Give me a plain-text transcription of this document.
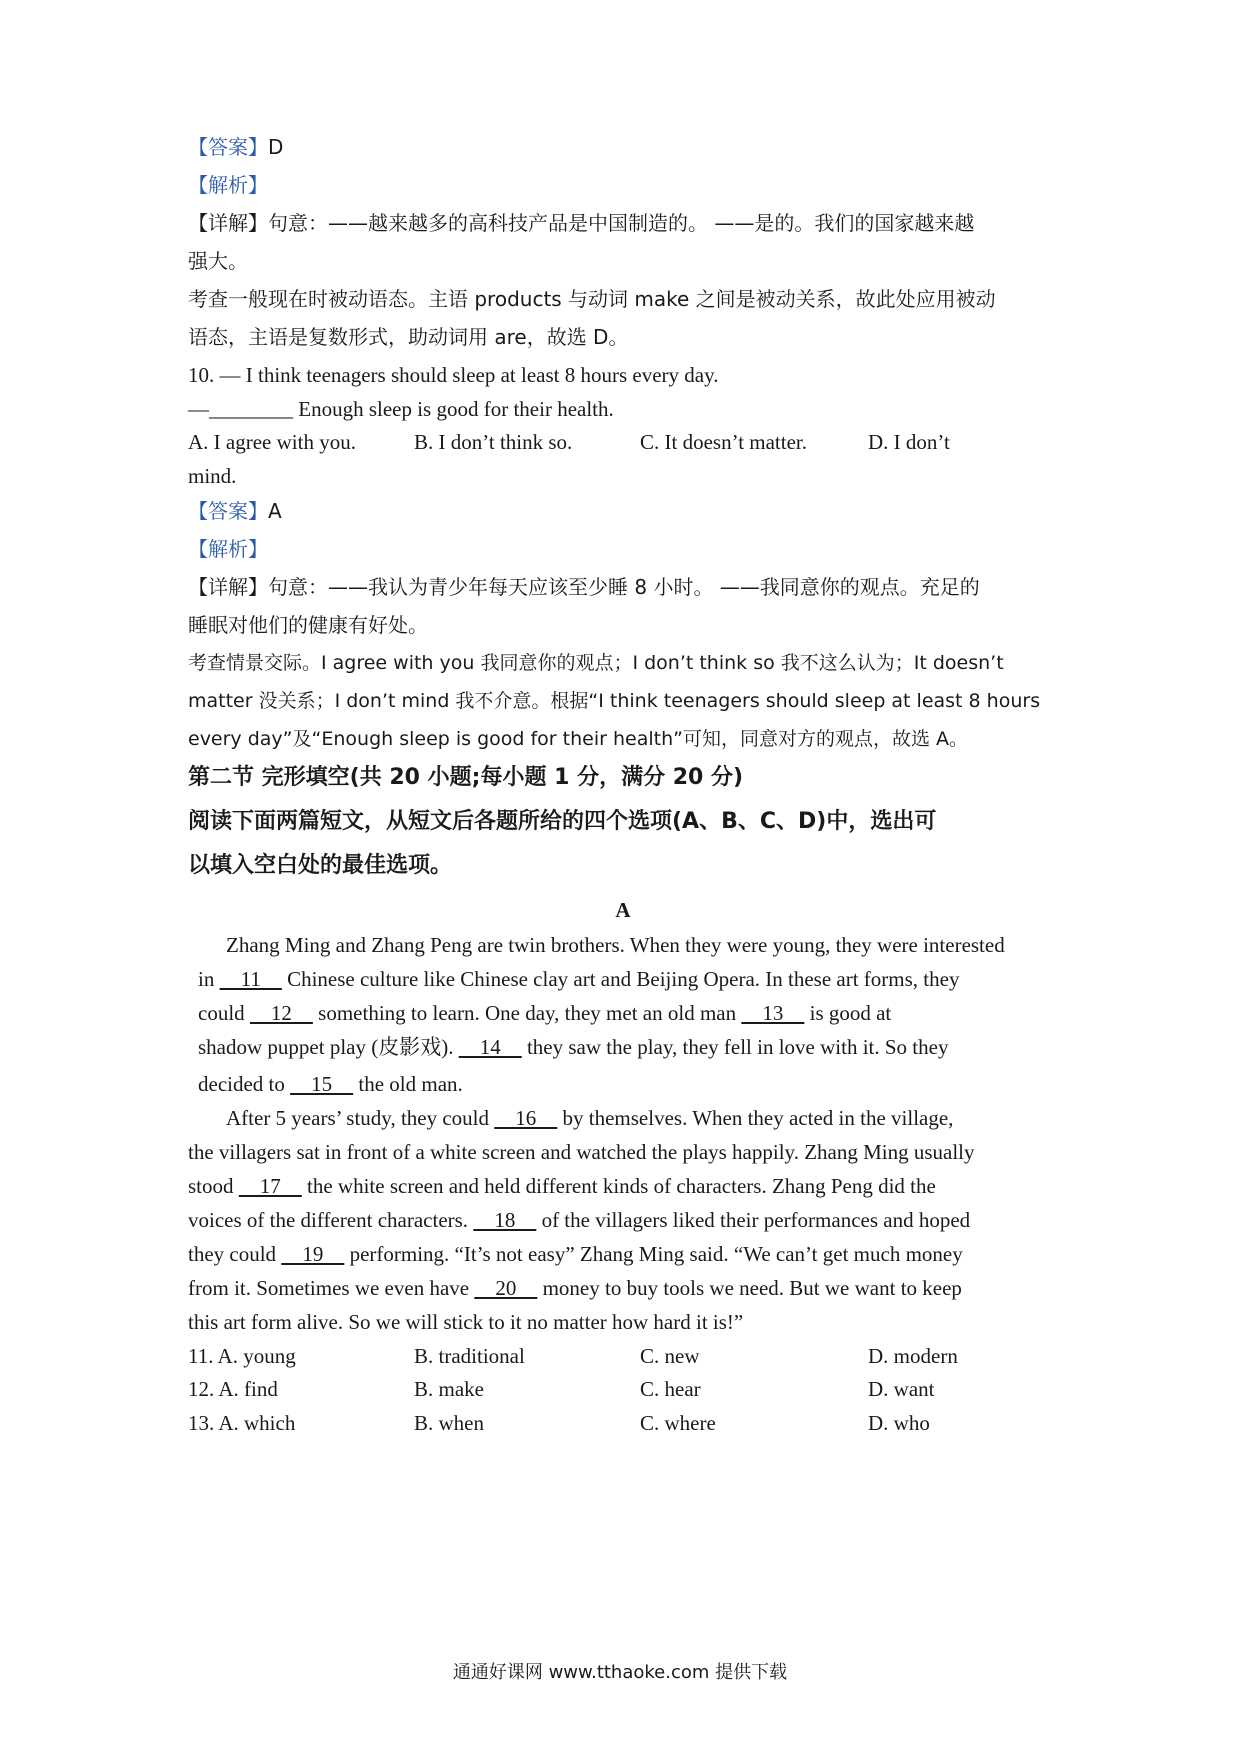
【答案】D
【解析】
【详解】句意：——越来越多的高科技产品是中国制造的。 ——是的。我们的国家越来越
强大。
考查一般现在时被动语态。主语 products 与动词 make 之间是被动关系，故此处应用被动
语态，主语是复数形式，助动词用 are，故选 D。
10. — I think teenagers should sleep at least 8 hours every day.
—________ Enough sleep is good for their health.
A. I agree with you.	B. I don’t think so.	C. It doesn’t matter.	D. I don’t
mind.
【答案】A
【解析】
【详解】句意：——我认为青少年每天应该至少睡 8 小时。 ——我同意你的观点。充足的
睡眠对他们的健康有好处。
考查情景交际。I agree with you 我同意你的观点；I don’t think so 我不这么认为；It doesn’t
matter 没关系；I don’t mind 我不介意。根据“I think teenagers should sleep at least 8 hours
every day”及“Enough sleep is good for their health”可知，同意对方的观点，故选 A。
第二节 完形填空(共 20 小题;每小题 1 分，满分 20 分)
阅读下面两篇短文，从短文后各题所给的四个选项(A、B、C、D)中，选出可
以填入空白处的最佳选项。
A
Zhang Ming and Zhang Peng are twin brothers. When they were young, they were interested
in     11     Chinese culture like Chinese clay art and Beijing Opera. In these art forms, they
could     12     something to learn. One day, they met an old man     13     is good at
shadow puppet play (皮影戏).     14     they saw the play, they fell in love with it. So they
decided to     15     the old man.
After 5 years’ study, they could     16     by themselves. When they acted in the village,
the villagers sat in front of a white screen and watched the plays happily. Zhang Ming usually
stood     17     the white screen and held different kinds of characters. Zhang Peng did the
voices of the different characters.     18     of the villagers liked their performances and hoped
they could     19     performing. “It’s not easy” Zhang Ming said. “We can’t get much money
from it. Sometimes we even have     20     money to buy tools we need. But we want to keep
this art form alive. So we will stick to it no matter how hard it is!”
11. A. young	B. traditional	C. new	D. modern
12. A. find	B. make	C. hear	D. want
13. A. which	B. when	C. where	D. who
通通好课网 www.tthaoke.com 提供下载
